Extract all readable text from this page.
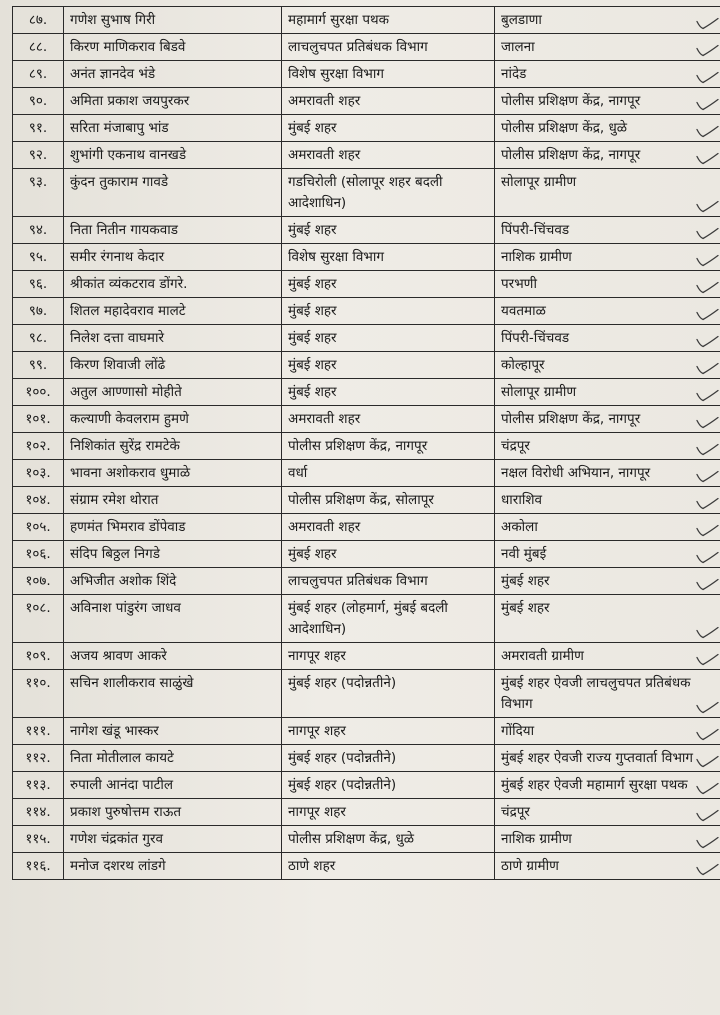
८७.	गणेश सुभाष गिरी	महामार्ग सुरक्षा पथक	बुलडाणा
८८.	किरण माणिकराव बिडवे	लाचलुचपत प्रतिबंधक विभाग	जालना
८९.	अनंत ज्ञानदेव भंडे	विशेष सुरक्षा विभाग	नांदेड
९०.	अमिता प्रकाश जयपुरकर	अमरावती शहर	पोलीस प्रशिक्षण केंद्र, नागपूर
९१.	सरिता मंजाबापु भांड	मुंबई शहर	पोलीस प्रशिक्षण केंद्र, धुळे
९२.	शुभांगी एकनाथ वानखडे	अमरावती शहर	पोलीस प्रशिक्षण केंद्र, नागपूर
९३.	कुंदन तुकाराम गावडे	गडचिरोली (सोलापूर शहर बदली आदेशाधिन)	सोलापूर ग्रामीण
९४.	निता नितीन गायकवाड	मुंबई शहर	पिंपरी-चिंचवड
९५.	समीर रंगनाथ केदार	विशेष सुरक्षा विभाग	नाशिक ग्रामीण
९६.	श्रीकांत व्यंकटराव डोंगरे.	मुंबई शहर	परभणी
९७.	शितल महादेवराव मालटे	मुंबई शहर	यवतमाळ
९८.	निलेश दत्ता वाघमारे	मुंबई शहर	पिंपरी-चिंचवड
९९.	किरण शिवाजी लोंढे	मुंबई शहर	कोल्हापूर
१००.	अतुल आण्णासो मोहीते	मुंबई शहर	सोलापूर ग्रामीण
१०१.	कल्याणी केवलराम हुमणे	अमरावती शहर	पोलीस प्रशिक्षण केंद्र, नागपूर
१०२.	निशिकांत सुरेंद्र रामटेके	पोलीस प्रशिक्षण केंद्र, नागपूर	चंद्रपूर
१०३.	भावना अशोकराव धुमाळे	वर्धा	नक्षल विरोधी अभियान, नागपूर
१०४.	संग्राम रमेश थोरात	पोलीस प्रशिक्षण केंद्र, सोलापूर	धाराशिव
१०५.	हणमंत भिमराव डोंपेवाड	अमरावती शहर	अकोला
१०६.	संदिप बिठ्ठल निगडे	मुंबई शहर	नवी मुंबई
१०७.	अभिजीत अशोक शिंदे	लाचलुचपत प्रतिबंधक विभाग	मुंबई शहर
१०८.	अविनाश पांडुरंग जाधव	मुंबई शहर (लोहमार्ग, मुंबई बदली आदेशाधिन)	मुंबई शहर
१०९.	अजय श्रावण आकरे	नागपूर शहर	अमरावती ग्रामीण
११०.	सचिन शालीकराव साळुंखे	मुंबई शहर (पदोन्नतीने)	मुंबई शहर ऐवजी लाचलुचपत प्रतिबंधक विभाग
१११.	नागेश खंडू भास्कर	नागपूर शहर	गोंदिया
११२.	निता मोतीलाल कायटे	मुंबई शहर (पदोन्नतीने)	मुंबई शहर ऐवजी राज्य गुप्तवार्ता विभाग
११३.	रुपाली आनंदा पाटील	मुंबई शहर (पदोन्नतीने)	मुंबई शहर ऐवजी महामार्ग सुरक्षा पथक
११४.	प्रकाश पुरुषोत्तम राऊत	नागपूर शहर	चंद्रपूर
११५.	गणेश चंद्रकांत गुरव	पोलीस प्रशिक्षण केंद्र, धुळे	नाशिक ग्रामीण
११६.	मनोज दशरथ लांडगे	ठाणे शहर	ठाणे ग्रामीण
